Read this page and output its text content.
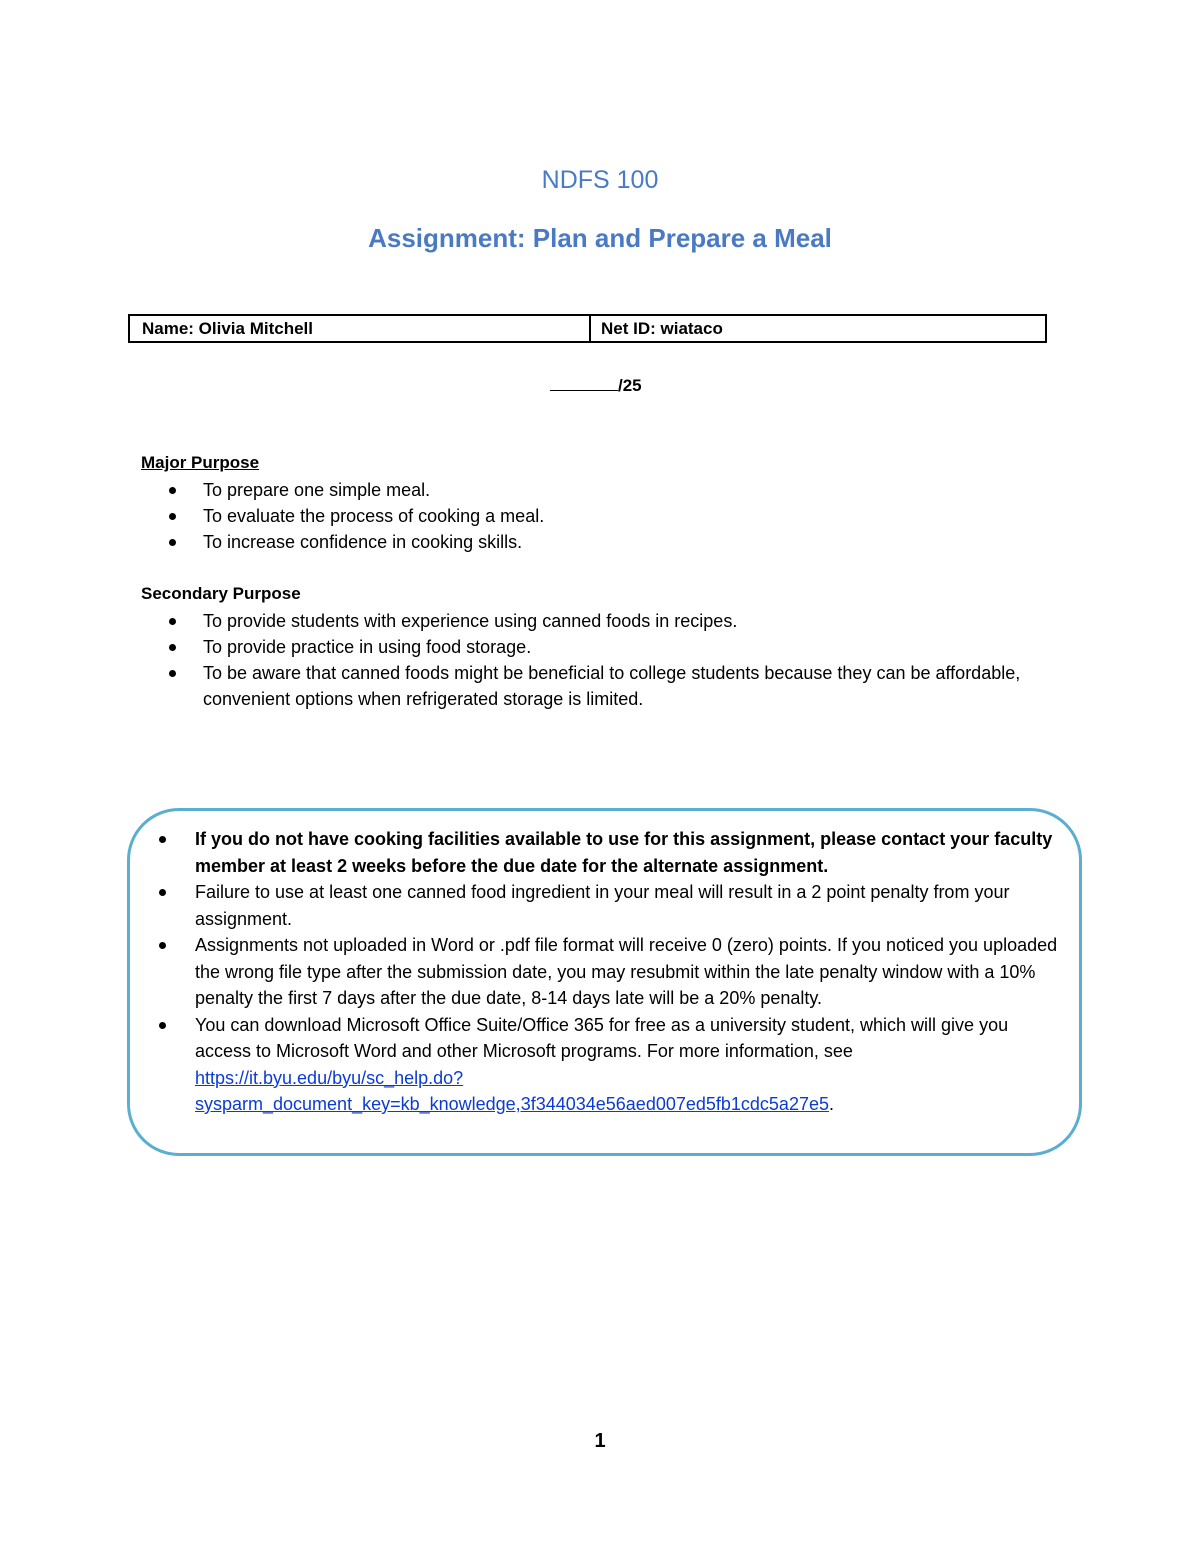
NDFS 100
Assignment: Plan and Prepare a Meal
Name: Olivia Mitchell	Net ID: wiataco
/25
Major Purpose
To prepare one simple meal.
To evaluate the process of cooking a meal.
To increase confidence in cooking skills.
Secondary Purpose
To provide students with experience using canned foods in recipes.
To provide practice in using food storage.
To be aware that canned foods might be beneficial to college students because they can be affordable, convenient options when refrigerated storage is limited.
If you do not have cooking facilities available to use for this assignment, please contact your faculty member at least 2 weeks before the due date for the alternate assignment.
Failure to use at least one canned food ingredient in your meal will result in a 2 point penalty from your assignment.
Assignments not uploaded in Word or .pdf file format will receive 0 (zero) points. If you noticed you uploaded the wrong file type after the submission date, you may resubmit within the late penalty window with a 10% penalty the first 7 days after the due date, 8-14 days late will be a 20% penalty.
You can download Microsoft Office Suite/Office 365 for free as a university student, which will give you access to Microsoft Word and other Microsoft programs. For more information, see https://it.byu.edu/byu/sc_help.do?
sysparm_document_key=kb_knowledge,3f344034e56aed007ed5fb1cdc5a27e5.
1
